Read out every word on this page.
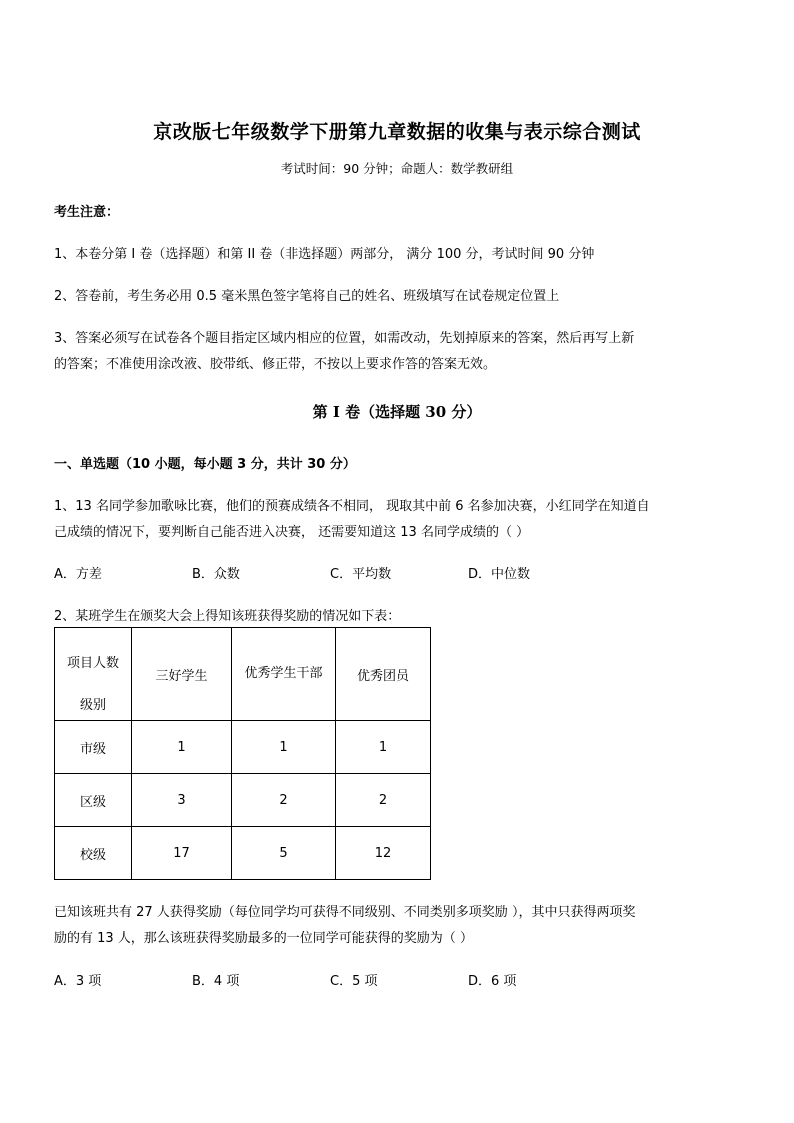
京改版七年级数学下册第九章数据的收集与表示综合测试
考试时间：90 分钟；命题人：数学教研组
考生注意：
1、本卷分第 I 卷（选择题）和第 II 卷（非选择题）两部分， 满分 100 分，考试时间 90 分钟
2、答卷前，考生务必用 0.5 毫米黑色签字笔将自己的姓名、班级填写在试卷规定位置上
3、答案必须写在试卷各个题目指定区域内相应的位置，如需改动，先划掉原来的答案，然后再写上新
的答案；不准使用涂改液、胶带纸、修正带，不按以上要求作答的答案无效。
第 I 卷（选择题 30 分）
一、单选题（10 小题，每小题 3 分，共计 30 分）
1、13 名同学参加歌咏比赛，他们的预赛成绩各不相同， 现取其中前 6 名参加决赛，小红同学在知道自
己成绩的情况下，要判断自己能否进入决赛， 还需要知道这 13 名同学成绩的（ ）
A．方差	B．众数	C．平均数	D．中位数
2、某班学生在颁奖大会上得知该班获得奖励的情况如下表：
项目人数
级别	三好学生	优秀学生干部	优秀团员
市级	1	1	1
区级	3	2	2
校级	17	5	12
已知该班共有 27 人获得奖励（每位同学均可获得不同级别、不同类别多项奖励 ），其中只获得两项奖
励的有 13 人，那么该班获得奖励最多的一位同学可能获得的奖励为（ ）
A．3 项	B．4 项	C．5 项	D．6 项
